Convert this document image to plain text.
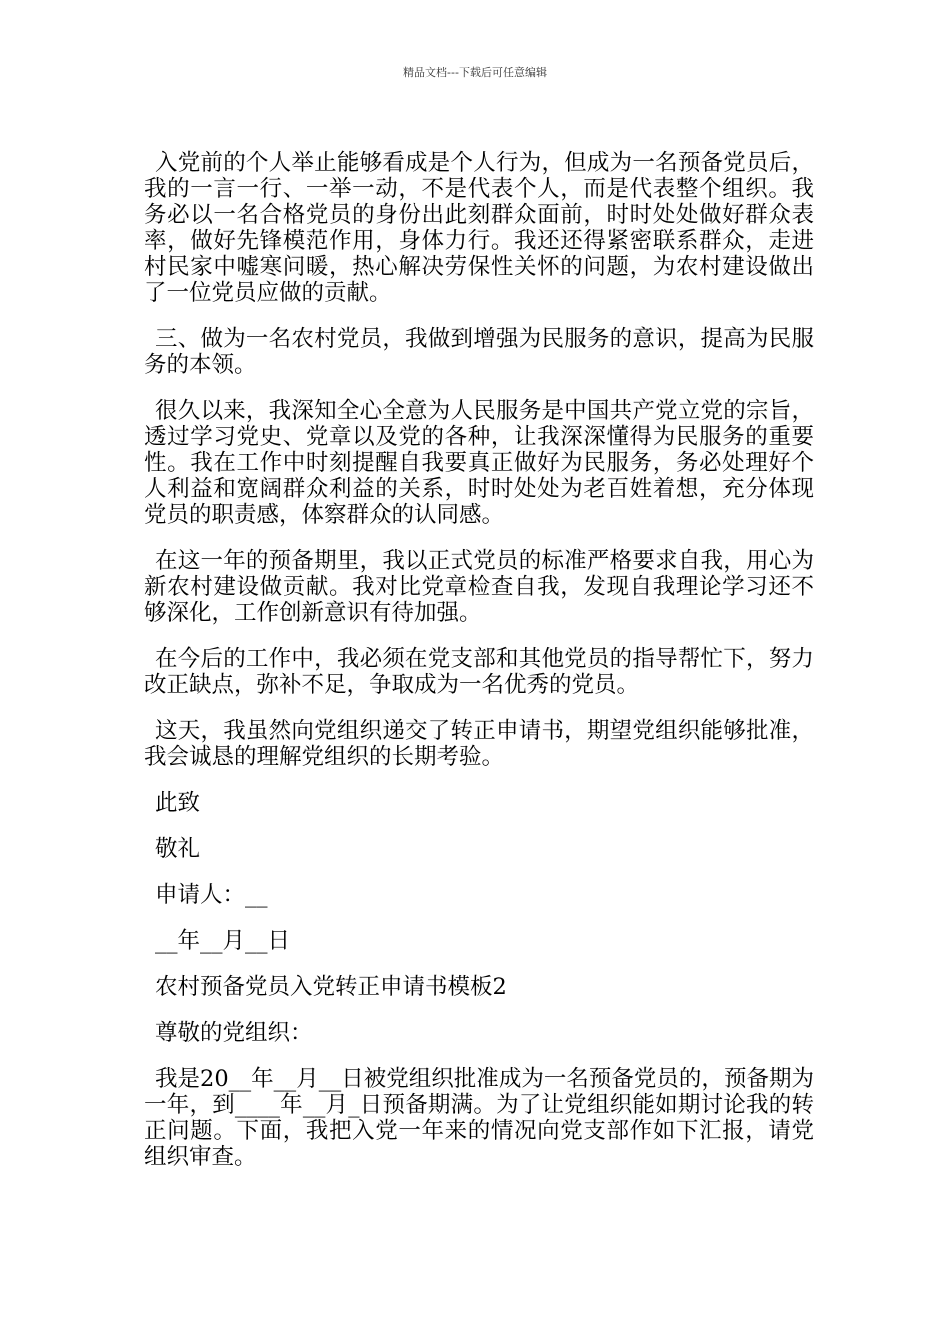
精品文档---下载后可任意编辑

入党前的个人举止能够看成是个人行为，但成为一名预备党员后，我的一言一行、一举一动，不是代表个人，而是代表整个组织。我务必以一名合格党员的身份出此刻群众面前，时时处处做好群众表率，做好先锋模范作用，身体力行。我还还得紧密联系群众，走进村民家中嘘寒问暖，热心解决劳保性关怀的问题，为农村建设做出了一位党员应做的贡献。

三、做为一名农村党员，我做到增强为民服务的意识，提高为民服务的本领。

很久以来，我深知全心全意为人民服务是中国共产党立党的宗旨，透过学习党史、党章以及党的各种，让我深深懂得为民服务的重要性。我在工作中时刻提醒自我要真正做好为民服务，务必处理好个人利益和宽阔群众利益的关系，时时处处为老百姓着想，充分体现党员的职责感，体察群众的认同感。

在这一年的预备期里，我以正式党员的标准严格要求自我，用心为新农村建设做贡献。我对比党章检查自我，发现自我理论学习还不够深化，工作创新意识有待加强。

在今后的工作中，我必须在党支部和其他党员的指导帮忙下，努力改正缺点，弥补不足，争取成为一名优秀的党员。

这天，我虽然向党组织递交了转正申请书，期望党组织能够批准，我会诚恳的理解党组织的长期考验。

此致

敬礼

申请人：__

__年__月__日

农村预备党员入党转正申请书模板2

尊敬的党组织：

我是20__年__月__日被党组织批准成为一名预备党员的，预备期为一年，到____年__月_日预备期满。为了让党组织能如期讨论我的转正问题。下面，我把入党一年来的情况向党支部作如下汇报，请党组织审查。
